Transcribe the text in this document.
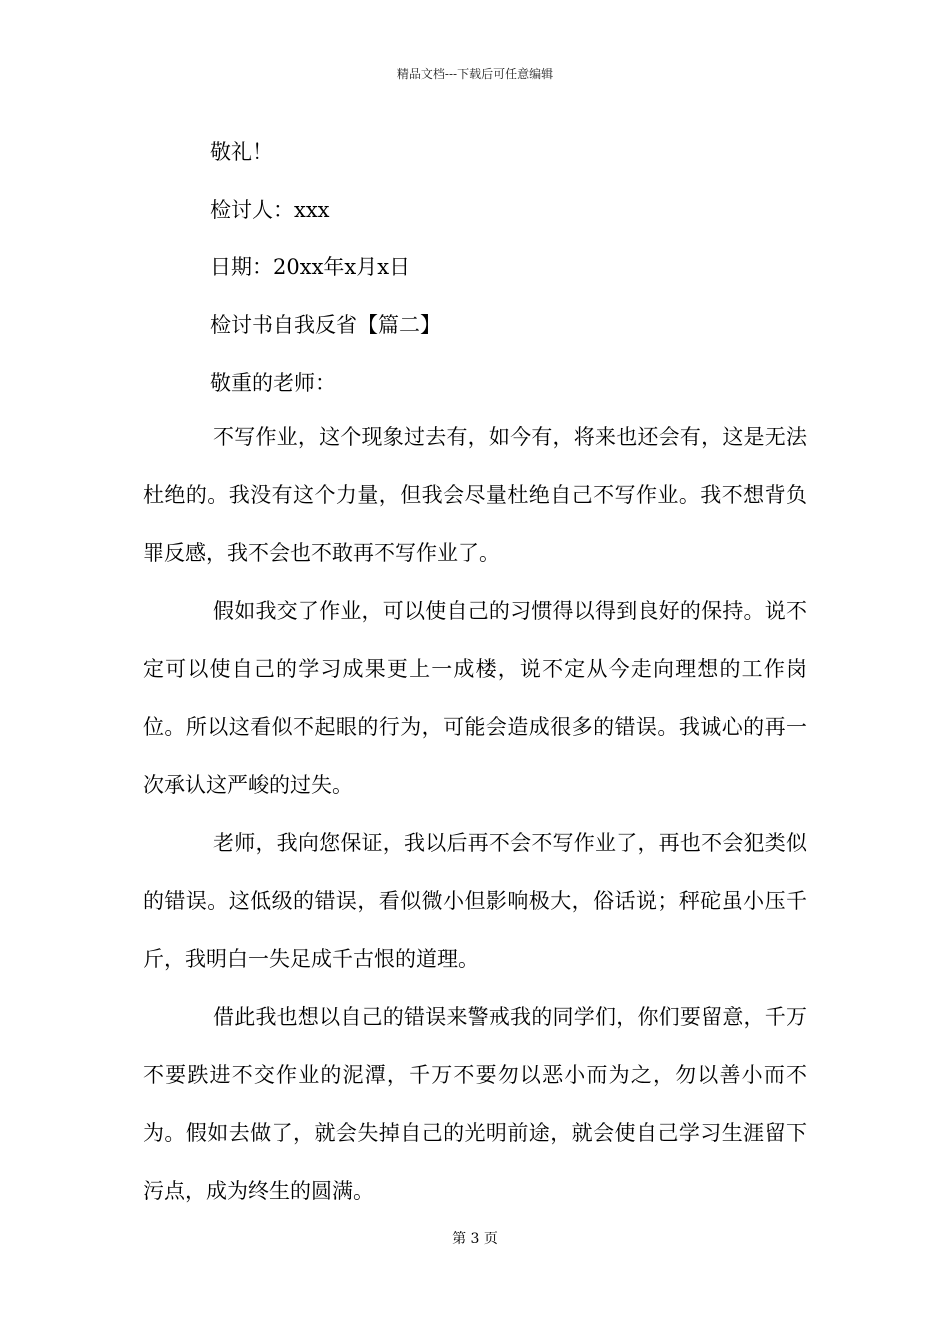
精品文档---下载后可任意编辑
敬礼！
检讨人：xxx
日期：20xx年x月x日
检讨书自我反省【篇二】
敬重的老师：

不写作业，这个现象过去有，如今有，将来也还会有，这是无法杜绝的。我没有这个力量，但我会尽量杜绝自己不写作业。我不想背负罪反感，我不会也不敢再不写作业了。

假如我交了作业，可以使自己的习惯得以得到良好的保持。说不定可以使自己的学习成果更上一成楼，说不定从今走向理想的工作岗位。所以这看似不起眼的行为，可能会造成很多的错误。我诚心的再一次承认这严峻的过失。

老师，我向您保证，我以后再不会不写作业了，再也不会犯类似的错误。这低级的错误，看似微小但影响极大，俗话说；秤砣虽小压千斤，我明白一失足成千古恨的道理。

借此我也想以自己的错误来警戒我的同学们，你们要留意，千万不要跌进不交作业的泥潭，千万不要勿以恶小而为之，勿以善小而不为。假如去做了，就会失掉自己的光明前途，就会使自己学习生涯留下污点，成为终生的圆满。

第 3 页
